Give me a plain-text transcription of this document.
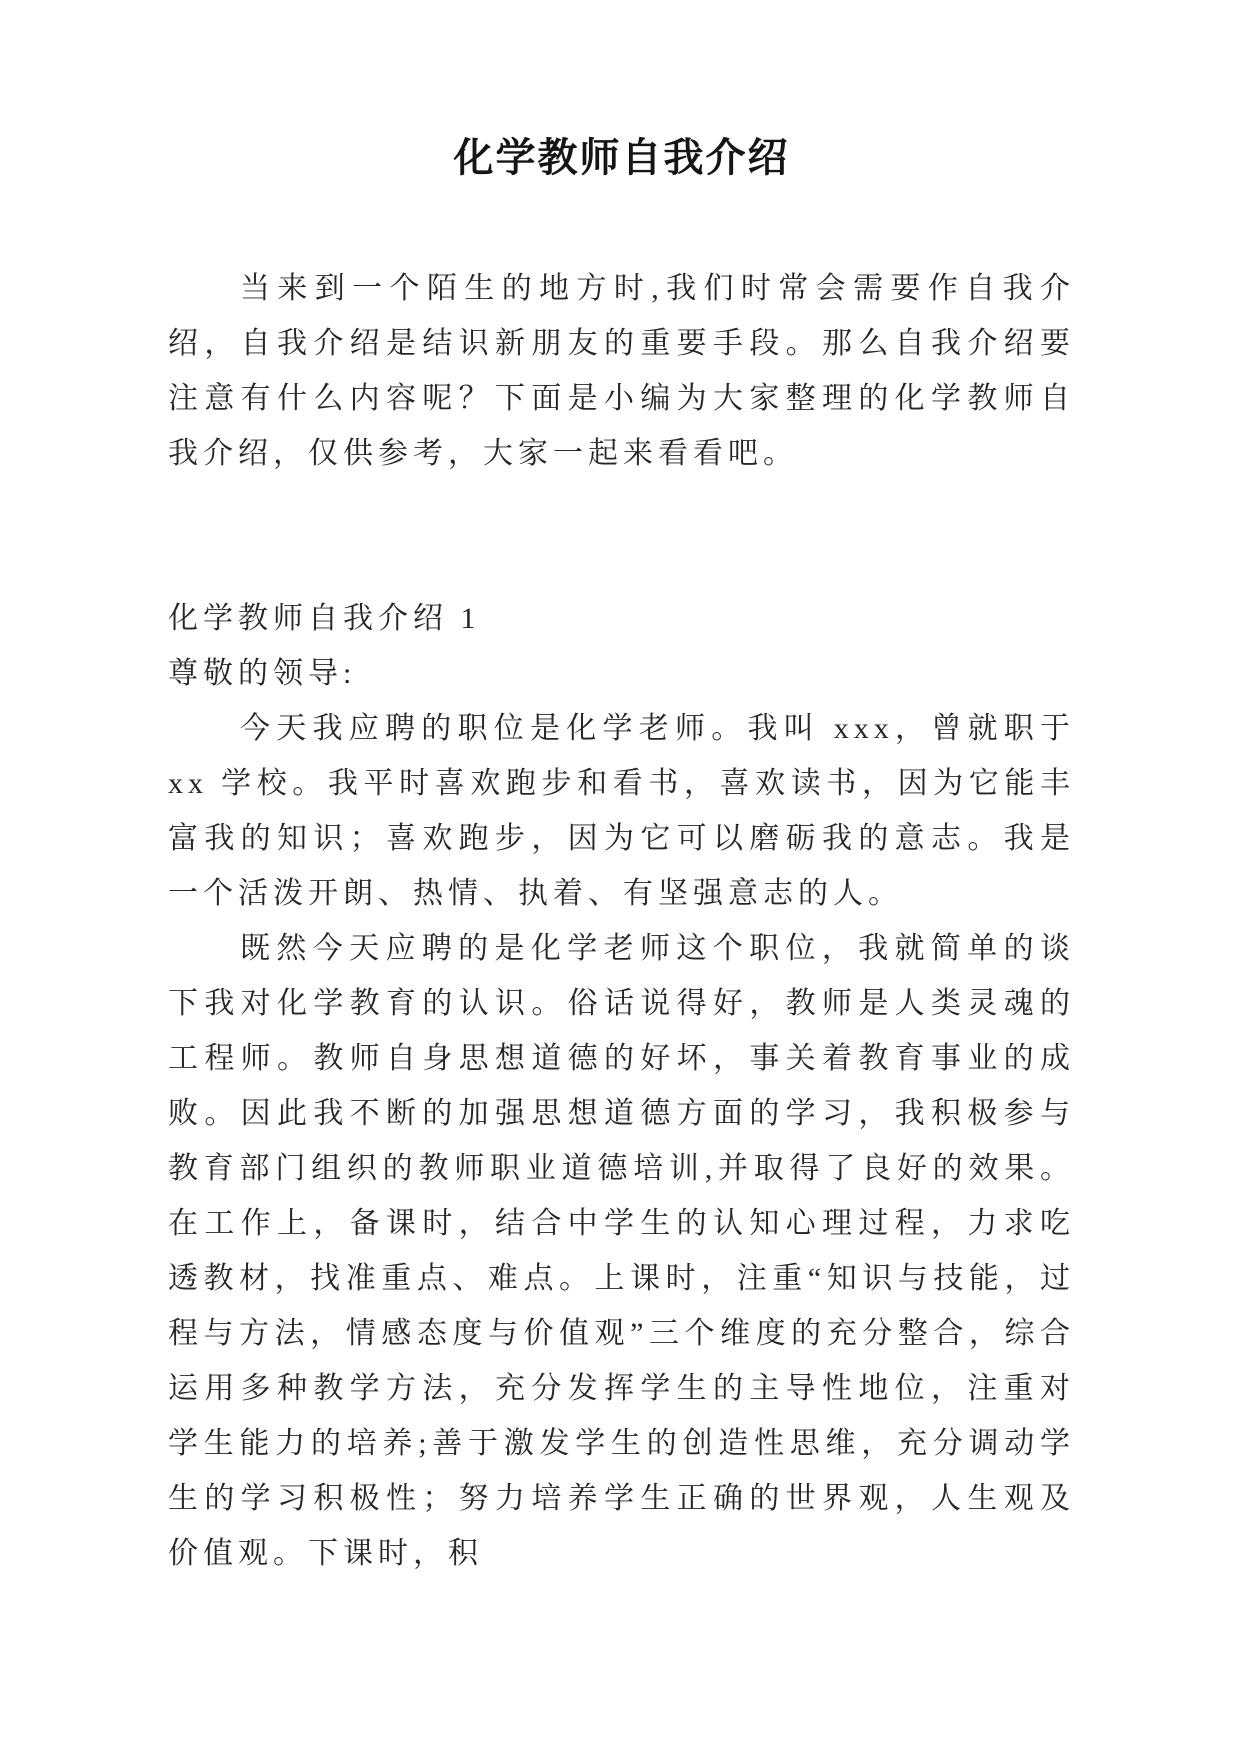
化学教师自我介绍

当来到一个陌生的地方时,我们时常会需要作自我介绍，自我介绍是结识新朋友的重要手段。那么自我介绍要注意有什么内容呢？下面是小编为大家整理的化学教师自我介绍，仅供参考，大家一起来看看吧。

化学教师自我介绍 1

尊敬的领导:

今天我应聘的职位是化学老师。我叫 xxx，曾就职于 xx 学校。我平时喜欢跑步和看书，喜欢读书，因为它能丰富我的知识；喜欢跑步，因为它可以磨砺我的意志。我是一个活泼开朗、热情、执着、有坚强意志的人。

既然今天应聘的是化学老师这个职位，我就简单的谈下我对化学教育的认识。俗话说得好，教师是人类灵魂的工程师。教师自身思想道德的好坏，事关着教育事业的成败。因此我不断的加强思想道德方面的学习，我积极参与教育部门组织的教师职业道德培训,并取得了良好的效果。在工作上，备课时，结合中学生的认知心理过程，力求吃透教材，找准重点、难点。上课时，注重“知识与技能，过程与方法，情感态度与价值观”三个维度的充分整合，综合运用多种教学方法，充分发挥学生的主导性地位，注重对学生能力的培养;善于激发学生的创造性思维，充分调动学生的学习积极性；努力培养学生正确的世界观，人生观及价值观。下课时，积
